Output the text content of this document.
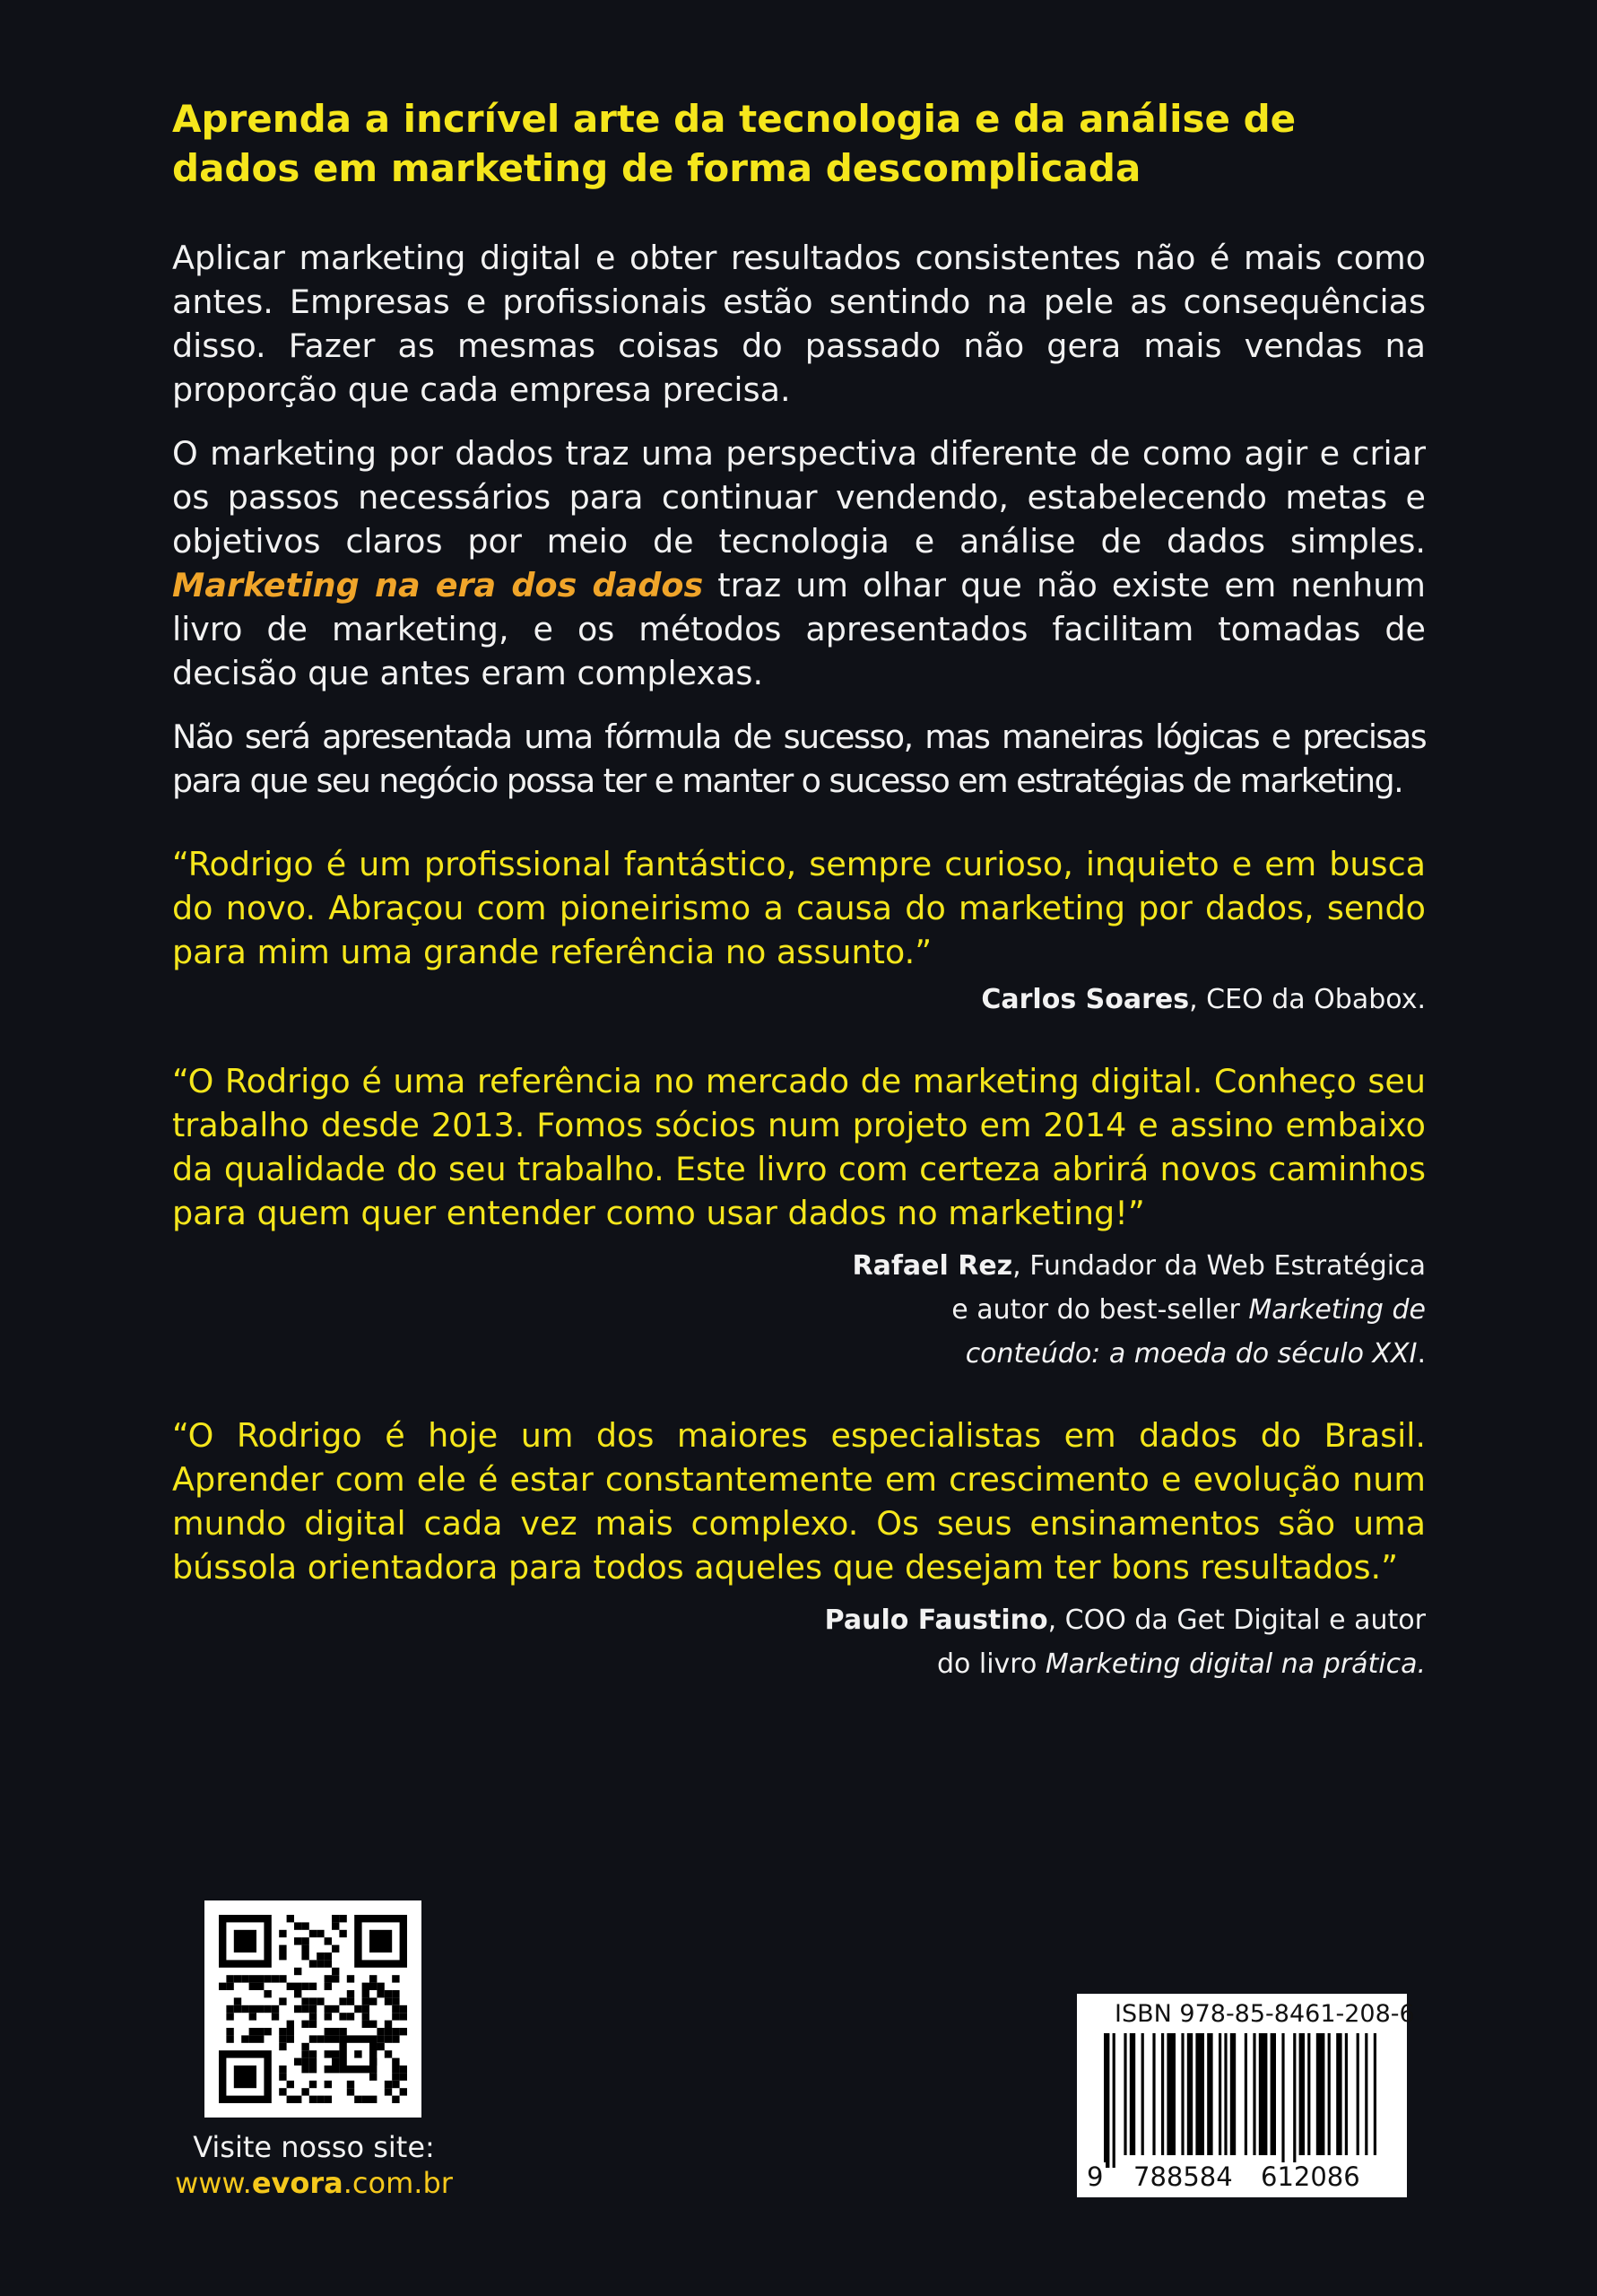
Aprenda a incrível arte da tecnologia e da análise de dados em marketing de forma descomplicada

Aplicar marketing digital e obter resultados consistentes não é mais como antes. Empresas e profissionais estão sentindo na pele as consequências disso. Fazer as mesmas coisas do passado não gera mais vendas na proporção que cada empresa precisa.

O marketing por dados traz uma perspectiva diferente de como agir e criar os passos necessários para continuar vendendo, estabelecendo metas e objetivos claros por meio de tecnologia e análise de dados simples. Marketing na era dos dados traz um olhar que não existe em nenhum livro de marketing, e os métodos apresentados facilitam tomadas de decisão que antes eram complexas.

Não será apresentada uma fórmula de sucesso, mas maneiras lógicas e precisas para que seu negócio possa ter e manter o sucesso em estratégias de marketing.

“Rodrigo é um profissional fantástico, sempre curioso, inquieto e em busca do novo. Abraçou com pioneirismo a causa do marketing por dados, sendo para mim uma grande referência no assunto.”

Carlos Soares, CEO da Obabox.

“O Rodrigo é uma referência no mercado de marketing digital. Conheço seu trabalho desde 2013. Fomos sócios num projeto em 2014 e assino embaixo da qualidade do seu trabalho. Este livro com certeza abrirá novos caminhos para quem quer entender como usar dados no marketing!”

Rafael Rez, Fundador da Web Estratégica
e autor do best-seller Marketing de
conteúdo: a moeda do século XXI.

“O Rodrigo é hoje um dos maiores especialistas em dados do Brasil. Aprender com ele é estar constantemente em crescimento e evolução num mundo digital cada vez mais complexo. Os seus ensinamentos são uma bússola orientadora para todos aqueles que desejam ter bons resultados.”

Paulo Faustino, COO da Get Digital e autor
do livro Marketing digital na prática.

Visite nosso site:
www.evora.com.br
ISBN 978-85-8461-208-6
9 788584 612086
